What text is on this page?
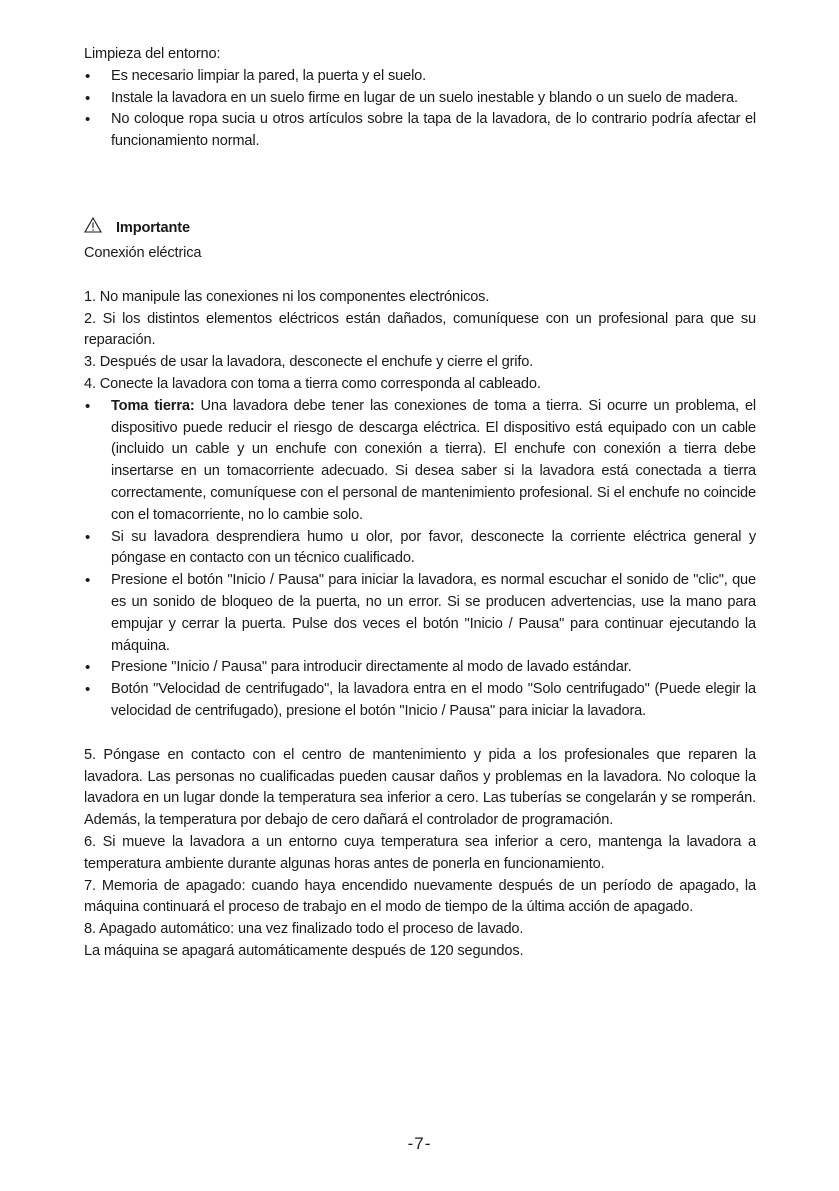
Limpieza del entorno:

• Es necesario limpiar la pared, la puerta y el suelo.
• Instale la lavadora en un suelo firme en lugar de un suelo inestable y blando o un suelo de madera.
• No coloque ropa sucia u otros artículos sobre la tapa de la lavadora, de lo contrario podría afectar el funcionamiento normal.
Importante

Conexión eléctrica

1. No manipule las conexiones ni los componentes electrónicos.

2. Si los distintos elementos eléctricos están dañados, comuníquese con un profesional para que su reparación.

3. Después de usar la lavadora, desconecte el enchufe y cierre el grifo.

4. Conecte la lavadora con toma a tierra como corresponda al cableado.

• Toma tierra: Una lavadora debe tener las conexiones de toma a tierra. Si ocurre un problema, el dispositivo puede reducir el riesgo de descarga eléctrica. El dispositivo está equipado con un cable (incluido un cable y un enchufe con conexión a tierra). El enchufe con conexión a tierra debe insertarse en un tomacorriente adecuado. Si desea saber si la lavadora está conectada a tierra correctamente, comuníquese con el personal de mantenimiento profesional. Si el enchufe no coincide con el tomacorriente, no lo cambie solo.
• Si su lavadora desprendiera humo u olor, por favor, desconecte la corriente eléctrica general y póngase en contacto con un técnico cualificado.
• Presione el botón "Inicio / Pausa" para iniciar la lavadora, es normal escuchar el sonido de "clic", que es un sonido de bloqueo de la puerta, no un error. Si se producen advertencias, use la mano para empujar y cerrar la puerta. Pulse dos veces el botón "Inicio / Pausa" para continuar ejecutando la máquina.
• Presione "Inicio / Pausa" para introducir directamente al modo de lavado estándar.
• Botón "Velocidad de centrifugado", la lavadora entra en el modo "Solo centrifugado" (Puede elegir la velocidad de centrifugado), presione el botón "Inicio / Pausa" para iniciar la lavadora.

5. Póngase en contacto con el centro de mantenimiento y pida a los profesionales que reparen la lavadora. Las personas no cualificadas pueden causar daños y problemas en la lavadora. No coloque la lavadora en un lugar donde la temperatura sea inferior a cero. Las tuberías se congelarán y se romperán. Además, la temperatura por debajo de cero dañará el controlador de programación.

6. Si mueve la lavadora a un entorno cuya temperatura sea inferior a cero, mantenga la lavadora a temperatura ambiente durante algunas horas antes de ponerla en funcionamiento.

7. Memoria de apagado: cuando haya encendido nuevamente después de un período de apagado, la máquina continuará el proceso de trabajo en el modo de tiempo de la última acción de apagado.

8. Apagado automático: una vez finalizado todo el proceso de lavado.

La máquina se apagará automáticamente después de 120 segundos.

-7-
